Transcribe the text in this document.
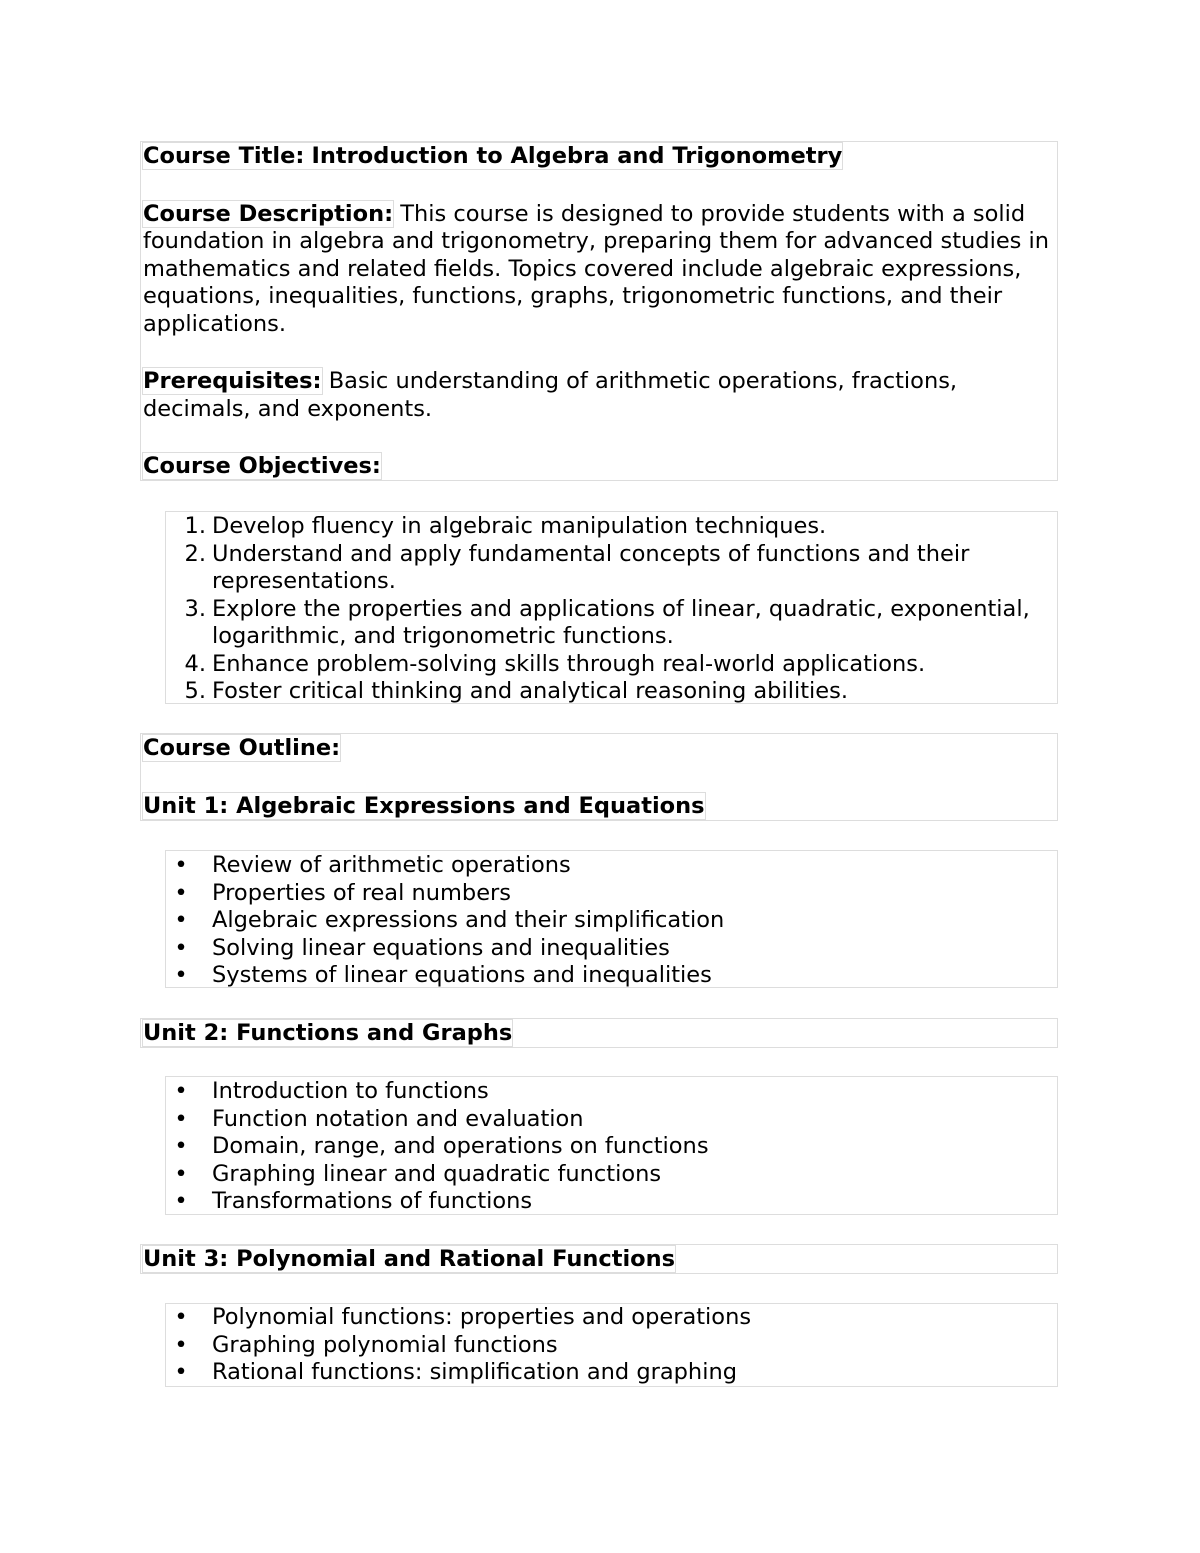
Course Title: Introduction to Algebra and Trigonometry

Course Description: This course is designed to provide students with a solid foundation in algebra and trigonometry, preparing them for advanced studies in mathematics and related fields. Topics covered include algebraic expressions, equations, inequalities, functions, graphs, trigonometric functions, and their applications.

Prerequisites: Basic understanding of arithmetic operations, fractions, decimals, and exponents.

Course Objectives:

1. Develop fluency in algebraic manipulation techniques.
2. Understand and apply fundamental concepts of functions and their representations.
3. Explore the properties and applications of linear, quadratic, exponential, logarithmic, and trigonometric functions.
4. Enhance problem-solving skills through real-world applications.
5. Foster critical thinking and analytical reasoning abilities.

Course Outline:

Unit 1: Algebraic Expressions and Equations

• Review of arithmetic operations
• Properties of real numbers
• Algebraic expressions and their simplification
• Solving linear equations and inequalities
• Systems of linear equations and inequalities

Unit 2: Functions and Graphs

• Introduction to functions
• Function notation and evaluation
• Domain, range, and operations on functions
• Graphing linear and quadratic functions
• Transformations of functions

Unit 3: Polynomial and Rational Functions

• Polynomial functions: properties and operations
• Graphing polynomial functions
• Rational functions: simplification and graphing
